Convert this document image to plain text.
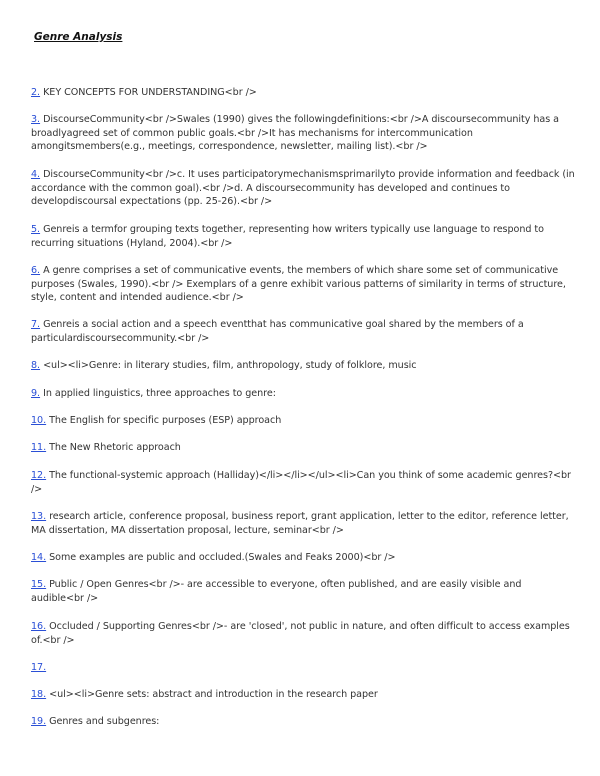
Genre Analysis
2. KEY CONCEPTS FOR UNDERSTANDING<br />
3. DiscourseCommunity<br />Swales (1990) gives the followingdefinitions:<br />A discoursecommunity has a broadlyagreed set of common public goals.<br />It has mechanisms for intercommunication amongitsmembers(e.g., meetings, correspondence, newsletter, mailing list).<br />
4. DiscourseCommunity<br />c. It uses participatorymechanismsprimarilyto provide information and feedback (in accordance with the common goal).<br />d. A discoursecommunity has developed and continues to developdiscoursal expectations (pp. 25-26).<br />
5. Genreis a termfor grouping texts together, representing how writers typically use language to respond to recurring situations (Hyland, 2004).<br />
6. A genre comprises a set of communicative events, the members of which share some set of communicative purposes (Swales, 1990).<br /> Exemplars of a genre exhibit various patterns of similarity in terms of structure, style, content and intended audience.<br />
7. Genreis a social action and a speech eventthat has communicative goal shared by the members of a particulardiscoursecommunity.<br />
8. <ul><li>Genre: in literary studies, film, anthropology, study of folklore, music
9. In applied linguistics, three approaches to genre:
10. The English for specific purposes (ESP) approach
11. The New Rhetoric approach
12. The functional-systemic approach (Halliday)</li></li></ul><li>Can you think of some academic genres?<br />
13. research article, conference proposal, business report, grant application, letter to the editor, reference letter, MA dissertation, MA dissertation proposal, lecture, seminar<br />
14. Some examples are public and occluded.(Swales and Feaks 2000)<br />
15. Public / Open Genres<br />- are accessible to everyone, often published, and are easily visible and audible<br />
16. Occluded / Supporting Genres<br />- are 'closed', not public in nature, and often difficult to access examples of.<br />
17.
18. <ul><li>Genre sets: abstract and introduction in the research paper
19. Genres and subgenres:
